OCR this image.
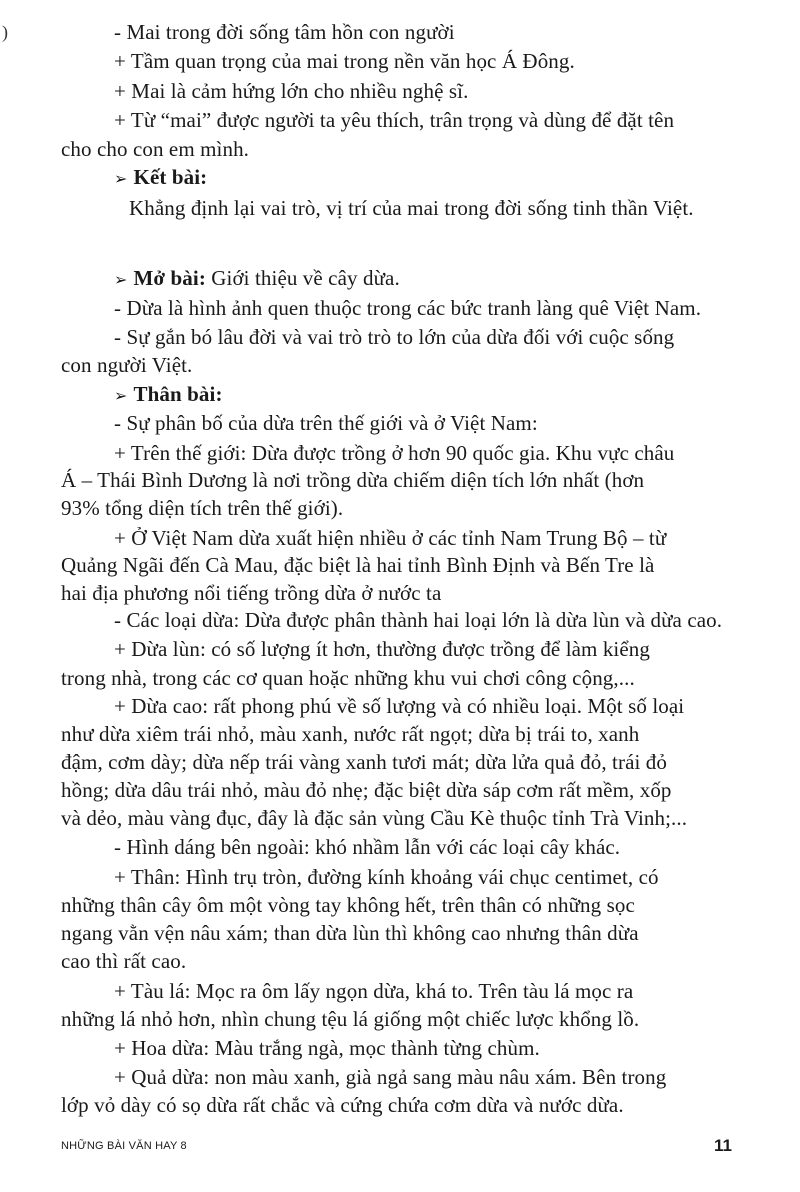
)	- Mai trong đời sống tâm hồn con người
+ Tầm quan trọng của mai trong nền văn học Á Đông.
+ Mai là cảm hứng lớn cho nhiều nghệ sĩ.
+ Từ “mai” được người ta yêu thích, trân trọng và dùng để đặt tên
cho cho con em mình.
➢ Kết bài:
Khẳng định lại vai trò, vị trí của mai trong đời sống tinh thần Việt.
➢ Mở bài: Giới thiệu về cây dừa.
- Dừa là hình ảnh quen thuộc trong các bức tranh làng quê Việt Nam.
- Sự gắn bó lâu đời và vai trò trò to lớn của dừa đối với cuộc sống
con người Việt.
➢ Thân bài:
- Sự phân bố của dừa trên thế giới và ở Việt Nam:
+ Trên thế giới: Dừa được trồng ở hơn 90 quốc gia. Khu vực châu
Á – Thái Bình Dương là nơi trồng dừa chiếm diện tích lớn nhất (hơn
93% tổng diện tích trên thế giới).
+ Ở Việt Nam dừa xuất hiện nhiều ở các tỉnh Nam Trung Bộ – từ
Quảng Ngãi đến Cà Mau, đặc biệt là hai tỉnh Bình Định và Bến Tre là
hai địa phương nổi tiếng trồng dừa ở nước ta
- Các loại dừa: Dừa được phân thành hai loại lớn là dừa lùn và dừa cao.
+ Dừa lùn: có số lượng ít hơn, thường được trồng để làm kiểng
trong nhà, trong các cơ quan hoặc những khu vui chơi công cộng,...
+ Dừa cao: rất phong phú về số lượng và có nhiều loại. Một số loại
như dừa xiêm trái nhỏ, màu xanh, nước rất ngọt; dừa bị trái to, xanh
đậm, cơm dày; dừa nếp trái vàng xanh tươi mát; dừa lửa quả đỏ, trái đỏ
hồng; dừa dâu trái nhỏ, màu đỏ nhẹ; đặc biệt dừa sáp cơm rất mềm, xốp
và dẻo, màu vàng đục, đây là đặc sản vùng Cầu Kè thuộc tỉnh Trà Vinh;...
- Hình dáng bên ngoài: khó nhầm lẫn với các loại cây khác.
+ Thân: Hình trụ tròn, đường kính khoảng vái chục centimet, có
những thân cây ôm một vòng tay không hết, trên thân có những sọc
ngang vằn vện nâu xám; than dừa lùn thì không cao nhưng thân dừa
cao thì rất cao.
+ Tàu lá: Mọc ra ôm lấy ngọn dừa, khá to. Trên tàu lá mọc ra
những lá nhỏ hơn, nhìn chung tệu lá giống một chiếc lược khổng lồ.
+ Hoa dừa: Màu trắng ngà, mọc thành từng chùm.
+ Quả dừa: non màu xanh, già ngả sang màu nâu xám. Bên trong
lớp vỏ dày có sọ dừa rất chắc và cứng chứa cơm dừa và nước dừa.
NHỮNG BÀI VĂN HAY 8	11
